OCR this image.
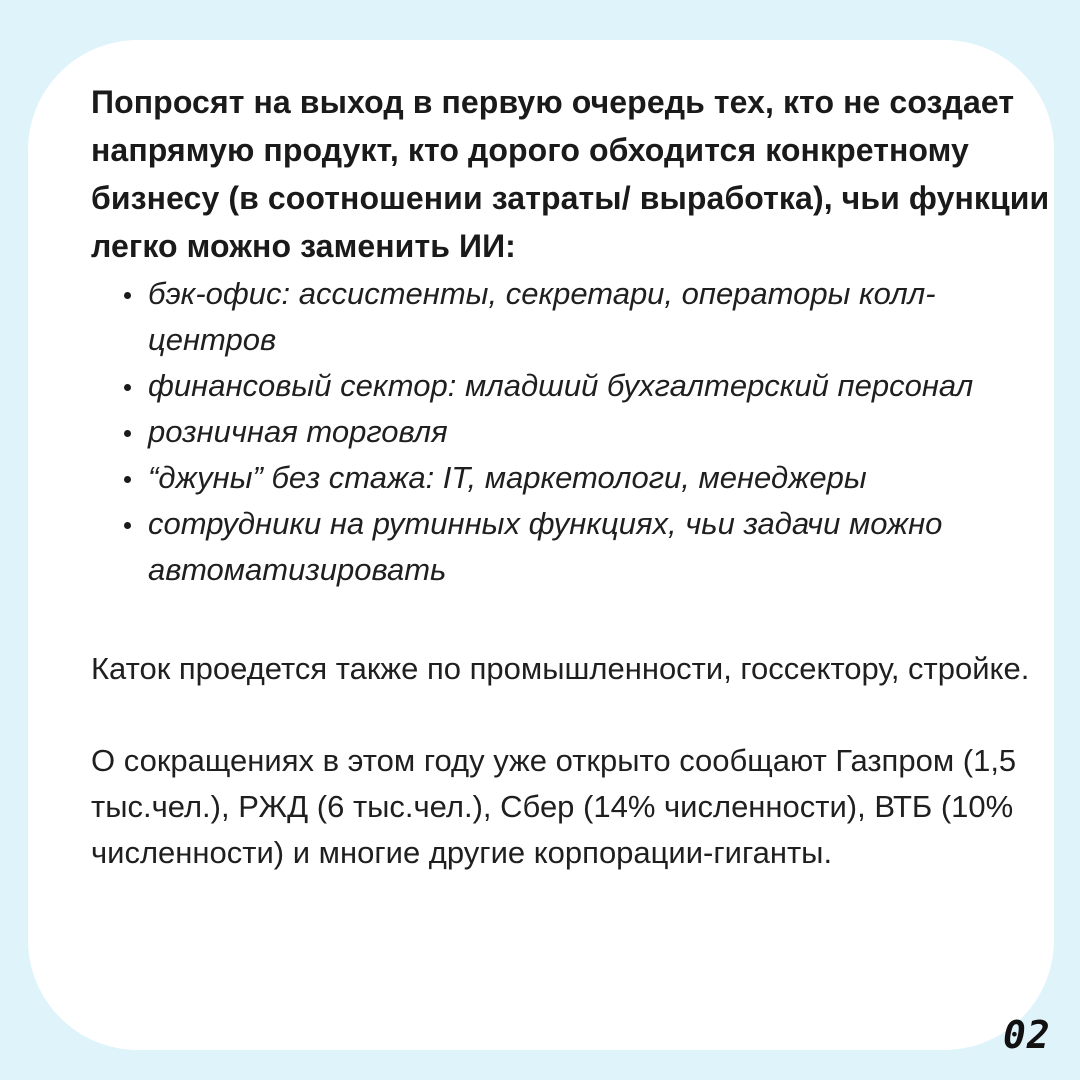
Попросят на выход в первую очередь тех, кто не создает напрямую продукт, кто дорого обходится конкретному бизнесу (в соотношении затраты/ выработка), чьи функции легко можно заменить ИИ:

бэк-офис: ассистенты, секретари, операторы колл-центров
финансовый сектор: младший бухгалтерский персонал
розничная торговля
“джуны” без стажа: IT, маркетологи, менеджеры
сотрудники на рутинных функциях, чьи задачи можно автоматизировать

Каток проедется также по промышленности, госсектору, стройке.

О сокращениях в этом году уже открыто сообщают Газпром (1,5 тыс.чел.), РЖД (6 тыс.чел.), Сбер (14% численности), ВТБ (10% численности) и многие другие корпорации-гиганты.

02
